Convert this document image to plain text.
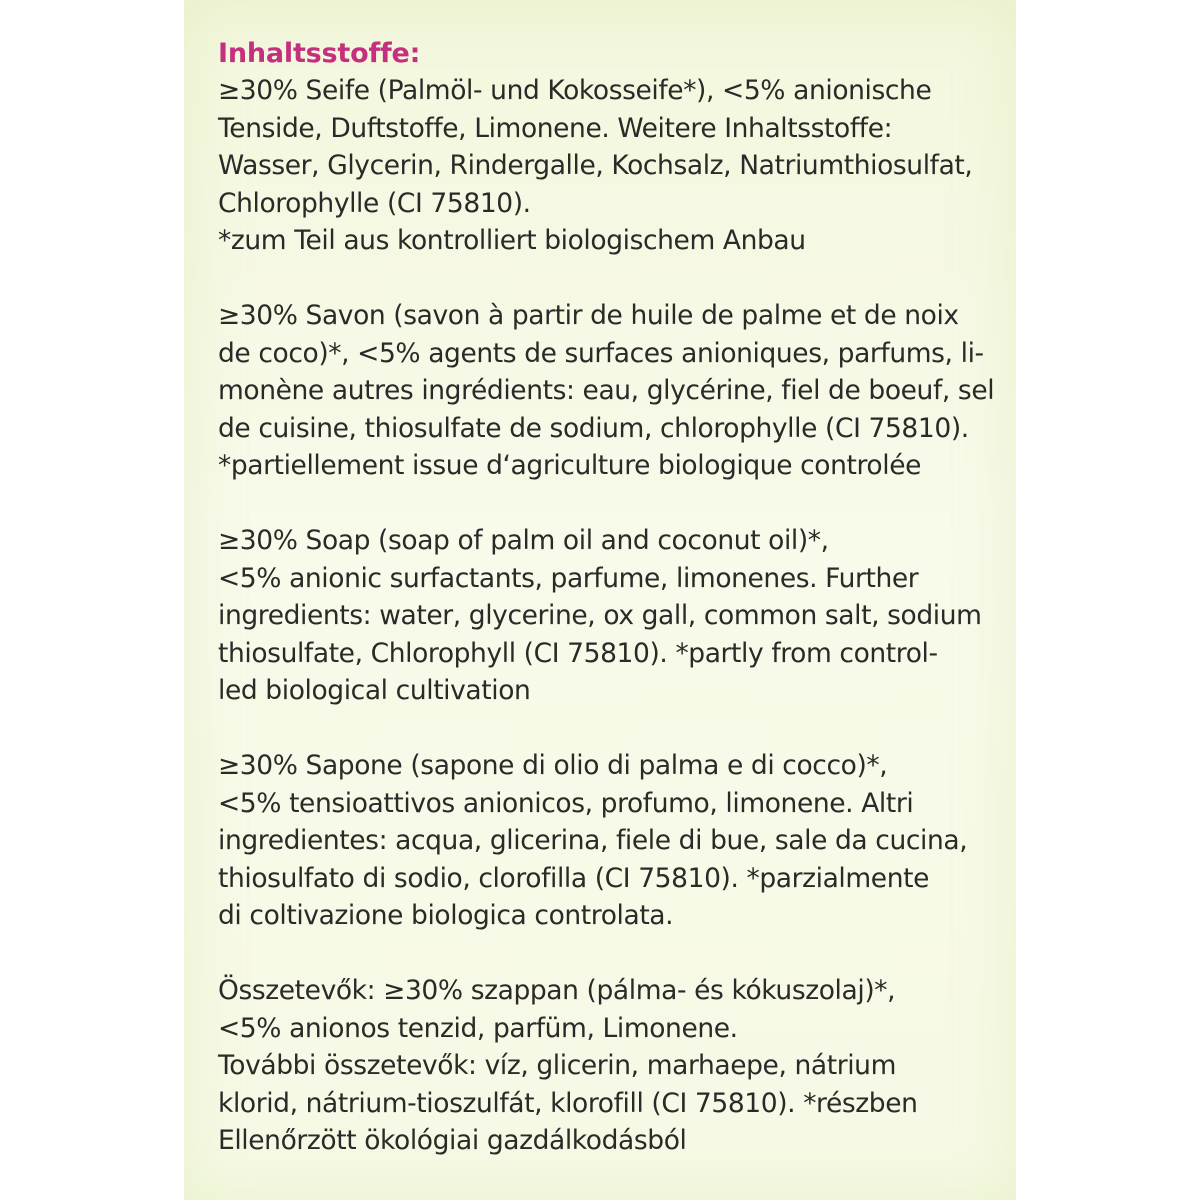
Inhaltsstoffe:
≥30% Seife (Palmöl- und Kokosseife*), <5% anionische
Tenside, Duftstoffe, Limonene. Weitere Inhaltsstoffe:
Wasser, Glycerin, Rindergalle, Kochsalz, Natriumthiosulfat,
Chlorophylle (CI 75810).
*zum Teil aus kontrolliert biologischem Anbau
≥30% Savon (savon à partir de huile de palme et de noix
de coco)*, <5% agents de surfaces anioniques, parfums, li-
monène autres ingrédients: eau, glycérine, fiel de boeuf, sel
de cuisine, thiosulfate de sodium, chlorophylle (CI 75810).
*partiellement issue d‘agriculture biologique controlée
≥30% Soap (soap of palm oil and coconut oil)*,
<5% anionic surfactants, parfume, limonenes. Further
ingredients: water, glycerine, ox gall, common salt, sodium
thiosulfate, Chlorophyll (CI 75810). *partly from control-
led biological cultivation
≥30% Sapone (sapone di olio di palma e di cocco)*,
<5% tensioattivos anionicos, profumo, limonene. Altri
ingredientes: acqua, glicerina, fiele di bue, sale da cucina,
thiosulfato di sodio, clorofilla (CI 75810). *parzialmente
di coltivazione biologica controlata.
Összetevők: ≥30% szappan (pálma- és kókuszolaj)*,
<5% anionos tenzid, parfüm, Limonene.
További összetevők: víz, glicerin, marhaepe, nátrium
klorid, nátrium-tioszulfát, klorofill (CI 75810). *részben
Ellenőrzött ökológiai gazdálkodásból
